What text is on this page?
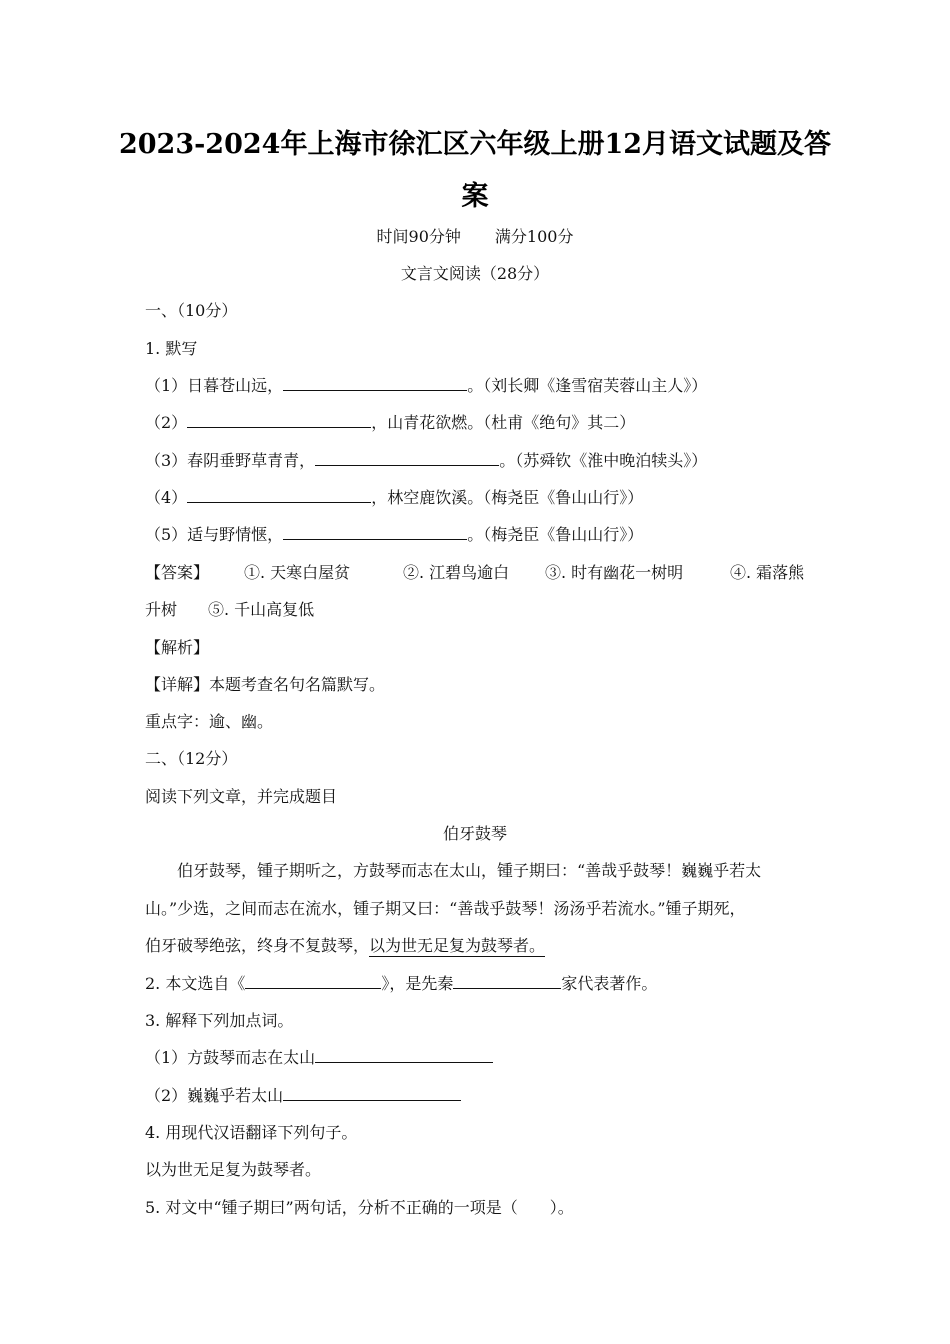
2023-2024年上海市徐汇区六年级上册12月语文试题及答
案
时间90分钟 满分100分
文言文阅读（28分）
一、（10分）
1. 默写
（1）日暮苍山远，	。（刘长卿《逢雪宿芙蓉山主人》）
（2）	，山青花欲燃。（杜甫《绝句》其二）
（3）春阴垂野草青青，	。（苏舜钦《淮中晚泊犊头》）
（4）	，林空鹿饮溪。（梅尧臣《鲁山山行》）
（5）适与野情惬，	。（梅尧臣《鲁山山行》）
【答案】 ①. 天寒白屋贫	②. 江碧鸟逾白 ③. 时有幽花一树明	④. 霜落熊
升树 ⑤. 千山高复低
【解析】
【详解】本题考查名句名篇默写。
重点字：逾、幽。
二、（12分）
阅读下列文章，并完成题目
伯牙鼓琴
伯牙鼓琴，锺子期听之，方鼓琴而志在太山，锺子期曰：“善哉乎鼓琴！巍巍乎若太
山。”少选，之间而志在流水，锺子期又曰：“善哉乎鼓琴！汤汤乎若流水。”锺子期死，
伯牙破琴绝弦，终身不复鼓琴，以为世无足复为鼓琴者。
2. 本文选自《	》，是先秦	家代表著作。
3. 解释下列加点词。
（1）方鼓琴而志在太山
（2）巍巍乎若太山
4. 用现代汉语翻译下列句子。
以为世无足复为鼓琴者。
5. 对文中“锺子期曰”两句话，分析不正确的一项是（　　）。
